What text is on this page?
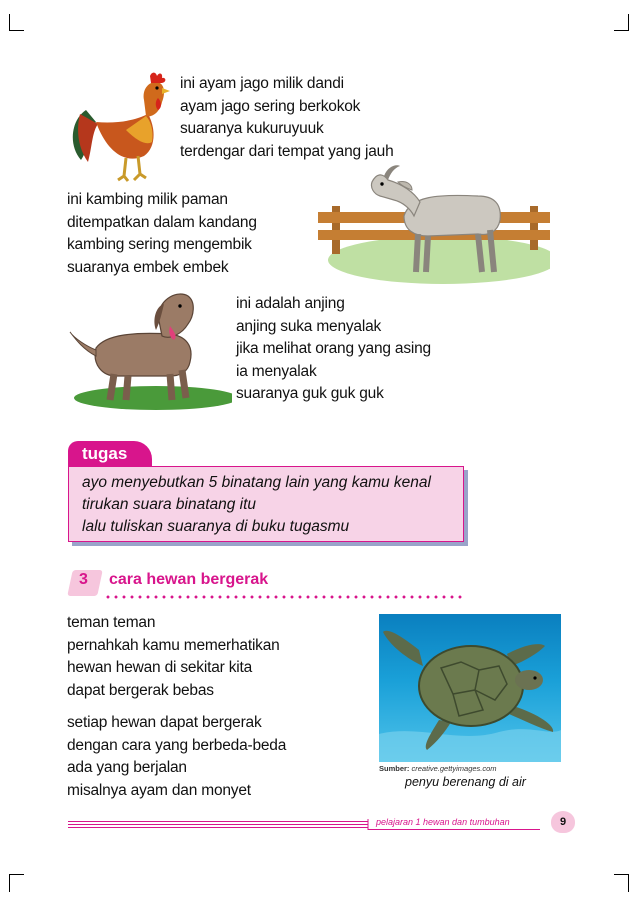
ini ayam jago milik dandi
ayam jago sering berkokok
suaranya kukuruyuuk
terdengar dari tempat yang jauh
ini kambing milik paman
ditempatkan dalam kandang
kambing sering mengembik
suaranya embek embek
ini adalah anjing
anjing suka menyalak
jika melihat orang yang asing
ia menyalak
suaranya guk guk guk
tugas
ayo menyebutkan 5 binatang lain yang kamu kenal
tirukan suara binatang itu
lalu tuliskan suaranya di buku tugasmu
3 cara hewan bergerak
teman teman
pernahkah kamu memerhatikan
hewan hewan di sekitar kita
dapat bergerak bebas
setiap hewan dapat bergerak
dengan cara yang berbeda-beda
ada yang berjalan
misalnya ayam dan monyet
Sumber: creative.gettyimages.com
penyu berenang di air
pelajaran 1 hewan dan tumbuhan	9
